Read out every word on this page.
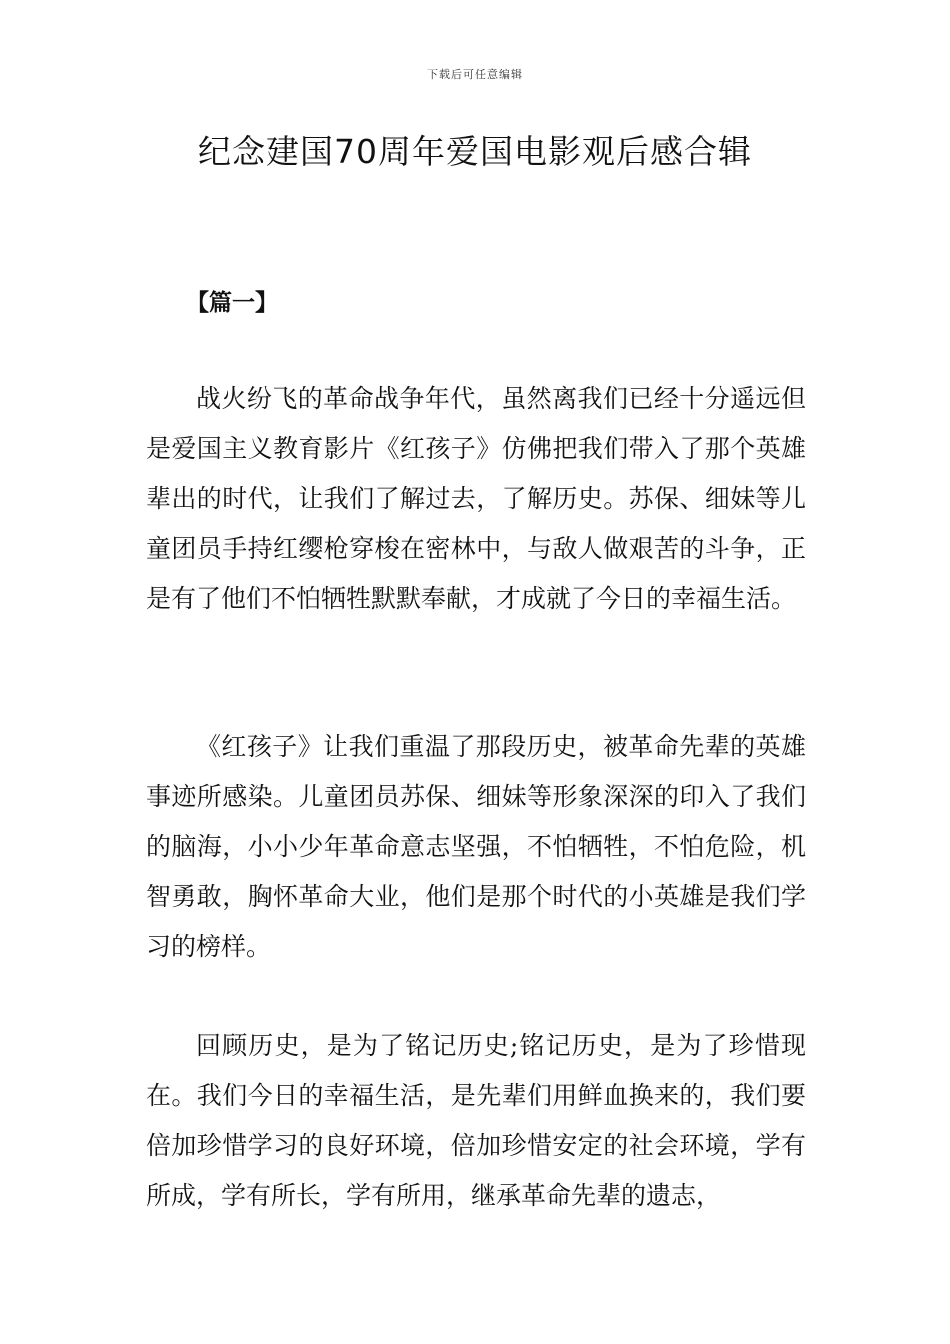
下载后可任意编辑
纪念建国70周年爱国电影观后感合辑
【篇一】

战火纷飞的革命战争年代，虽然离我们已经十分遥远但是爱国主义教育影片《红孩子》仿佛把我们带入了那个英雄辈出的时代，让我们了解过去，了解历史。苏保、细妹等儿童团员手持红缨枪穿梭在密林中，与敌人做艰苦的斗争，正是有了他们不怕牺牲默默奉献，才成就了今日的幸福生活。

《红孩子》让我们重温了那段历史，被革命先辈的英雄事迹所感染。儿童团员苏保、细妹等形象深深的印入了我们的脑海，小小少年革命意志坚强，不怕牺牲，不怕危险，机智勇敢，胸怀革命大业，他们是那个时代的小英雄是我们学习的榜样。

回顾历史，是为了铭记历史;铭记历史，是为了珍惜现在。我们今日的幸福生活，是先辈们用鲜血换来的，我们要倍加珍惜学习的良好环境，倍加珍惜安定的社会环境，学有所成，学有所长，学有所用，继承革命先辈的遗志，
